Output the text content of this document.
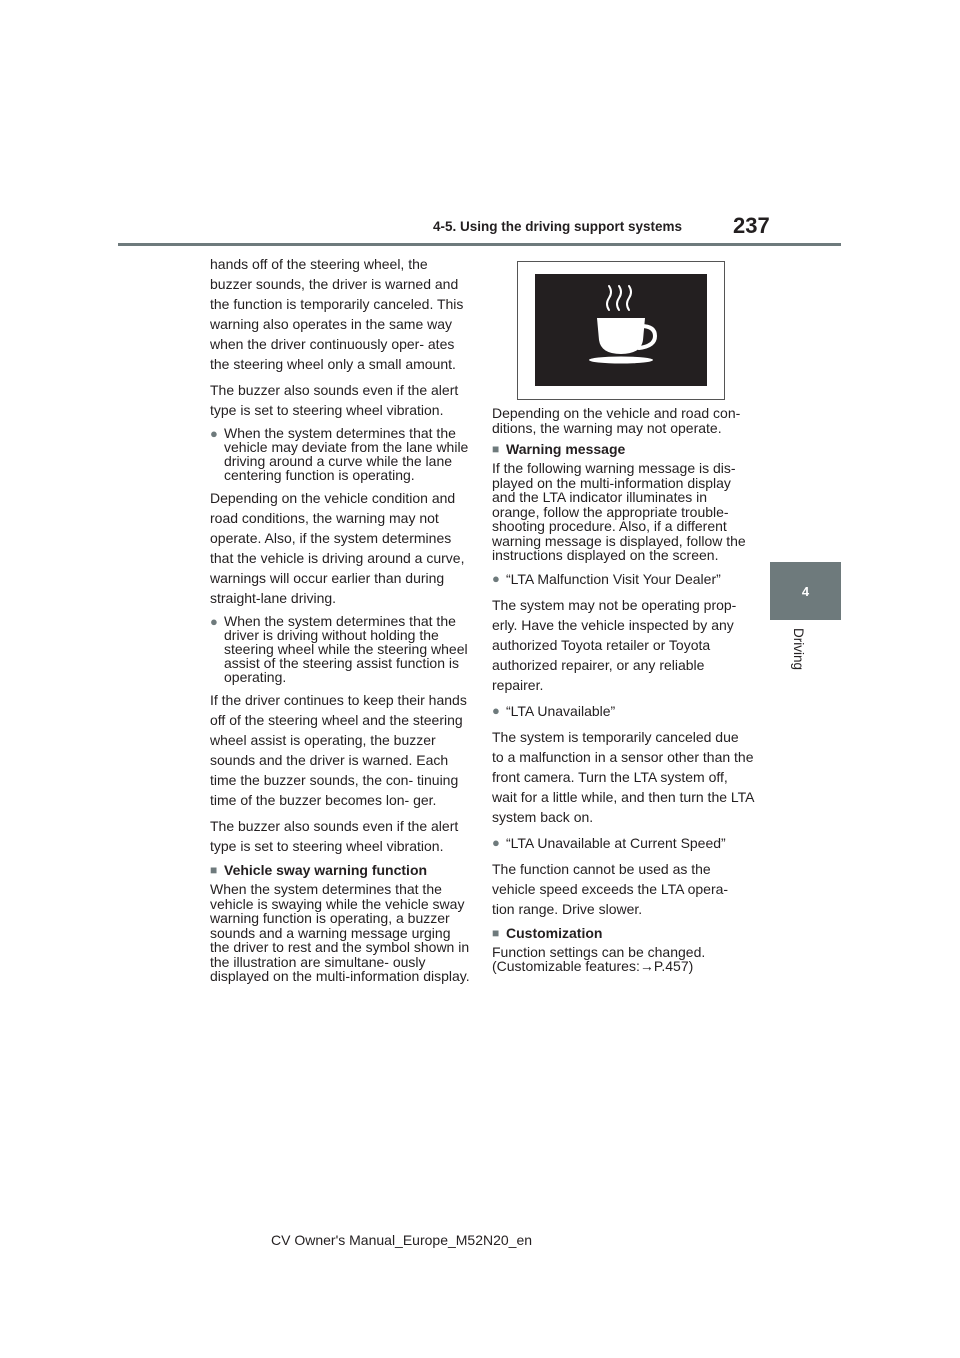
4-5. Using the driving support systems 237
4
Driving

hands off of the steering wheel, the buzzer sounds, the driver is warned and the function is temporarily canceled. This warning also operates in the same way when the driver continuously oper- ates the steering wheel only a small amount.

The buzzer also sounds even if the alert type is set to steering wheel vibration.

● When the system determines that the vehicle may deviate from the lane while driving around a curve while the lane centering function is operating.

Depending on the vehicle condition and road conditions, the warning may not operate. Also, if the system determines that the vehicle is driving around a curve, warnings will occur earlier than during straight-lane driving.

● When the system determines that the driver is driving without holding the steering wheel while the steering wheel assist of the steering assist function is operating.

If the driver continues to keep their hands off of the steering wheel and the steering wheel assist is operating, the buzzer sounds and the driver is warned. Each time the buzzer sounds, the con- tinuing time of the buzzer becomes lon- ger.

The buzzer also sounds even if the alert type is set to steering wheel vibration.

■ Vehicle sway warning function

When the system determines that the vehicle is swaying while the vehicle sway warning function is operating, a buzzer sounds and a warning message urging the driver to rest and the symbol shown in the illustration are simultane- ously displayed on the multi-information display.

Depending on the vehicle and road con- ditions, the warning may not operate.

■ Warning message

If the following warning message is dis- played on the multi-information display and the LTA indicator illuminates in orange, follow the appropriate trouble- shooting procedure. Also, if a different warning message is displayed, follow the instructions displayed on the screen.

● “LTA Malfunction Visit Your Dealer”

The system may not be operating prop- erly. Have the vehicle inspected by any authorized Toyota retailer or Toyota authorized repairer, or any reliable repairer.

● “LTA Unavailable”

The system is temporarily canceled due to a malfunction in a sensor other than the front camera. Turn the LTA system off, wait for a little while, and then turn the LTA system back on.

● “LTA Unavailable at Current Speed”

The function cannot be used as the vehicle speed exceeds the LTA opera- tion range. Drive slower.

■ Customization

Function settings can be changed. (Customizable features:→P.457)

CV Owner's Manual_Europe_M52N20_en
